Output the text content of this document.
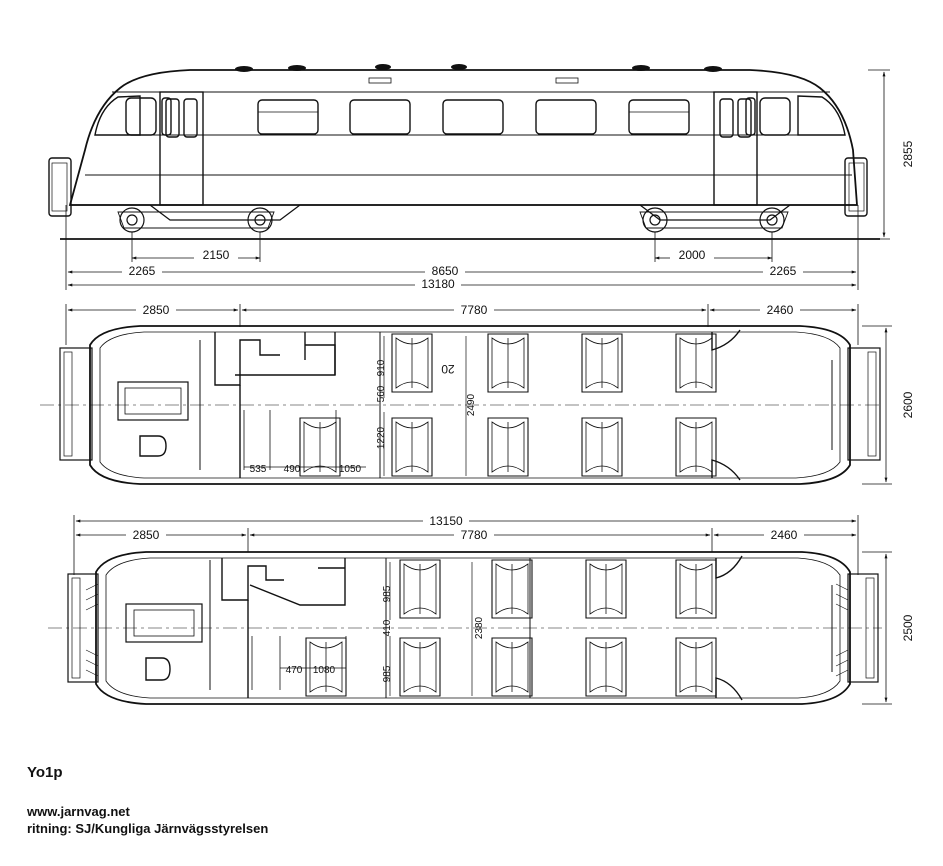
2855
2150	2000
2265	8650	2265
13180
2850	7780	2460
20
910
560
1220
2490
535 490	1050
2600
13150
2850	7780	2460
985
410
985
2380
470 1080
2500
Yo1p
www.jarnvag.net
ritning: SJ/Kungliga Järnvägsstyrelsen
